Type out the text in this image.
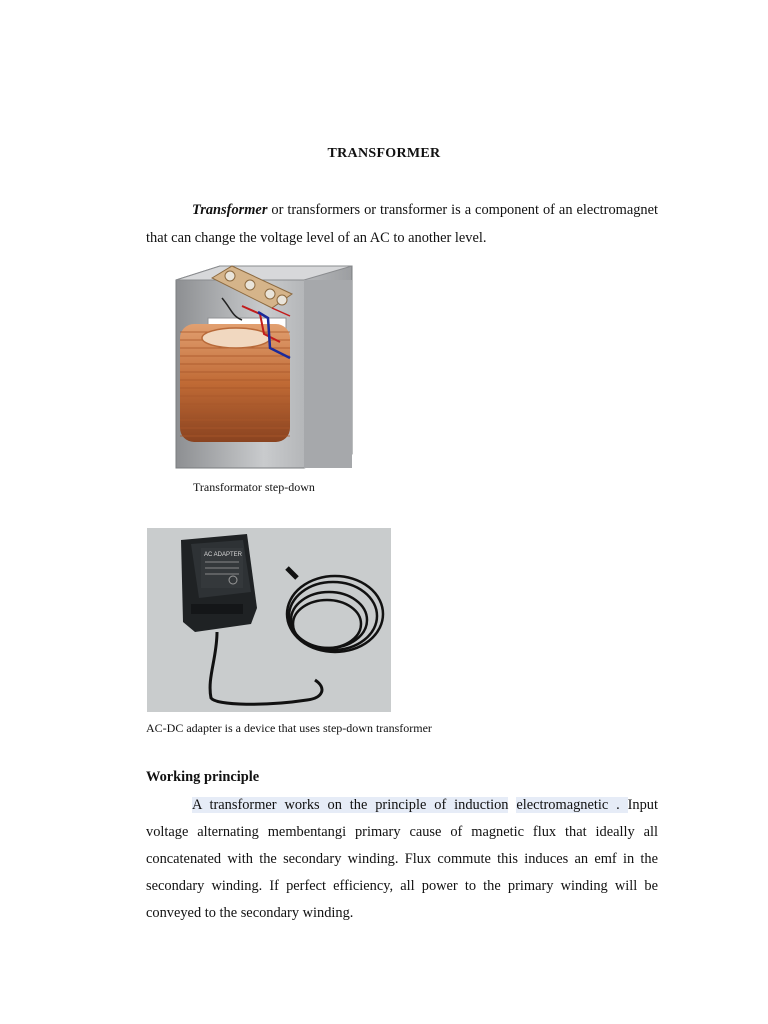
TRANSFORMER

Transformer or transformers or transformer is a component of an electromagnet that can change the voltage level of an AC to another level.

Transformator step-down
AC ADAPTER
AC-DC adapter is a device that uses step-down transformer
Working principle

A transformer works on the principle of induction electromagnetic . Input voltage alternating membentangi primary cause of magnetic flux that ideally all concatenated with the secondary winding. Flux commute this induces an emf in the secondary winding. If perfect efficiency, all power to the primary winding will be conveyed to the secondary winding.
